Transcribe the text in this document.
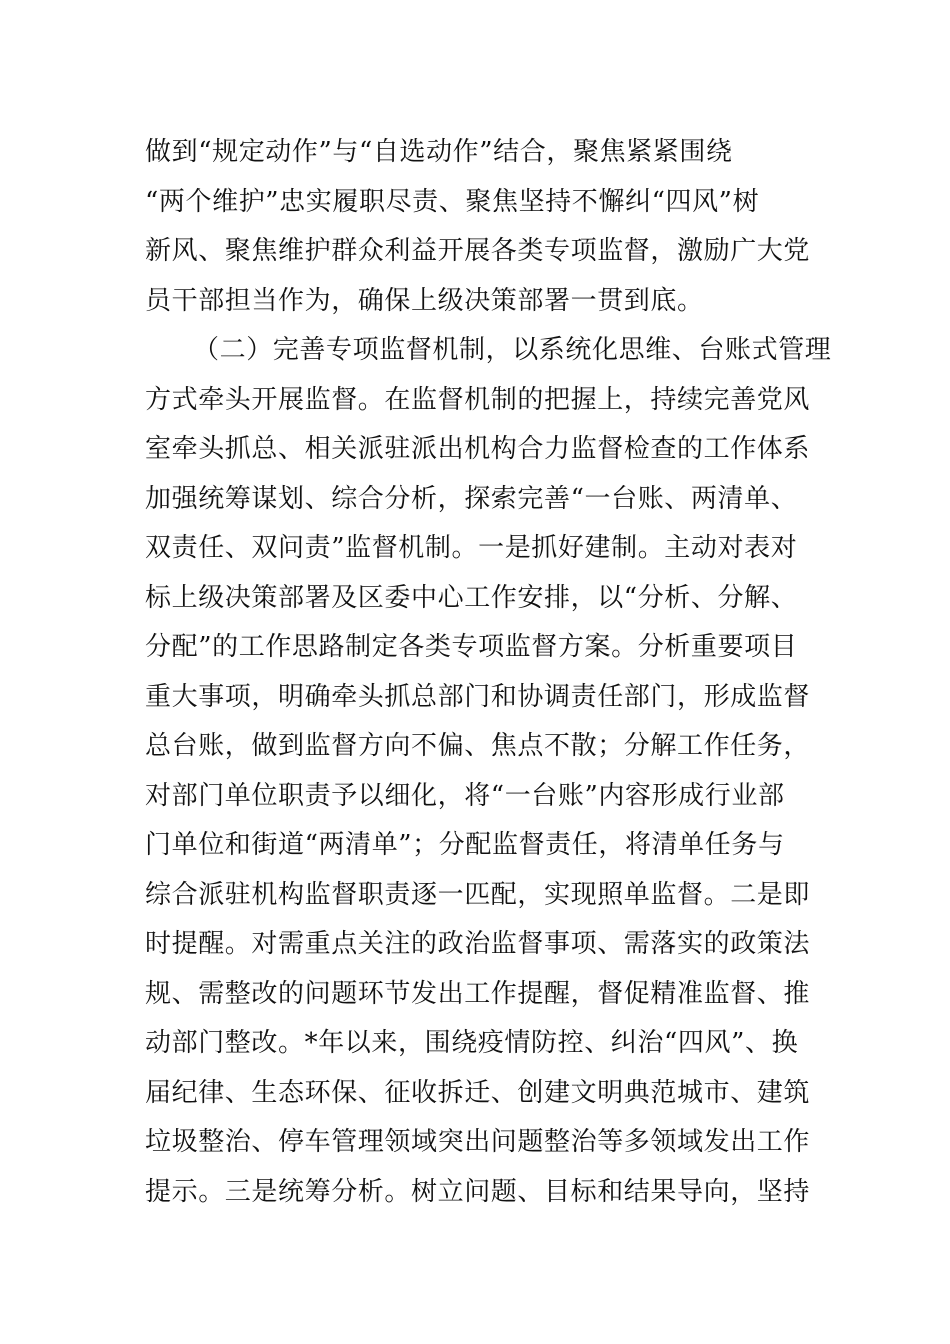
做到“规定动作”与“自选动作”结合，聚焦紧紧围绕
“两个维护”忠实履职尽责、聚焦坚持不懈纠“四风”树
新风、聚焦维护群众利益开展各类专项监督，激励广大党
员干部担当作为，确保上级决策部署一贯到底。
（二）完善专项监督机制，以系统化思维、台账式管理
方式牵头开展监督。在监督机制的把握上，持续完善党风
室牵头抓总、相关派驻派出机构合力监督检查的工作体系
加强统筹谋划、综合分析，探索完善“一台账、两清单、
双责任、双问责”监督机制。一是抓好建制。主动对表对
标上级决策部署及区委中心工作安排，以“分析、分解、
分配”的工作思路制定各类专项监督方案。分析重要项目
重大事项，明确牵头抓总部门和协调责任部门，形成监督
总台账，做到监督方向不偏、焦点不散；分解工作任务，
对部门单位职责予以细化，将“一台账”内容形成行业部
门单位和街道“两清单”；分配监督责任，将清单任务与
综合派驻机构监督职责逐一匹配，实现照单监督。二是即
时提醒。对需重点关注的政治监督事项、需落实的政策法
规、需整改的问题环节发出工作提醒，督促精准监督、推
动部门整改。*年以来，围绕疫情防控、纠治“四风”、换
届纪律、生态环保、征收拆迁、创建文明典范城市、建筑
垃圾整治、停车管理领域突出问题整治等多领域发出工作
提示。三是统筹分析。树立问题、目标和结果导向，坚持
